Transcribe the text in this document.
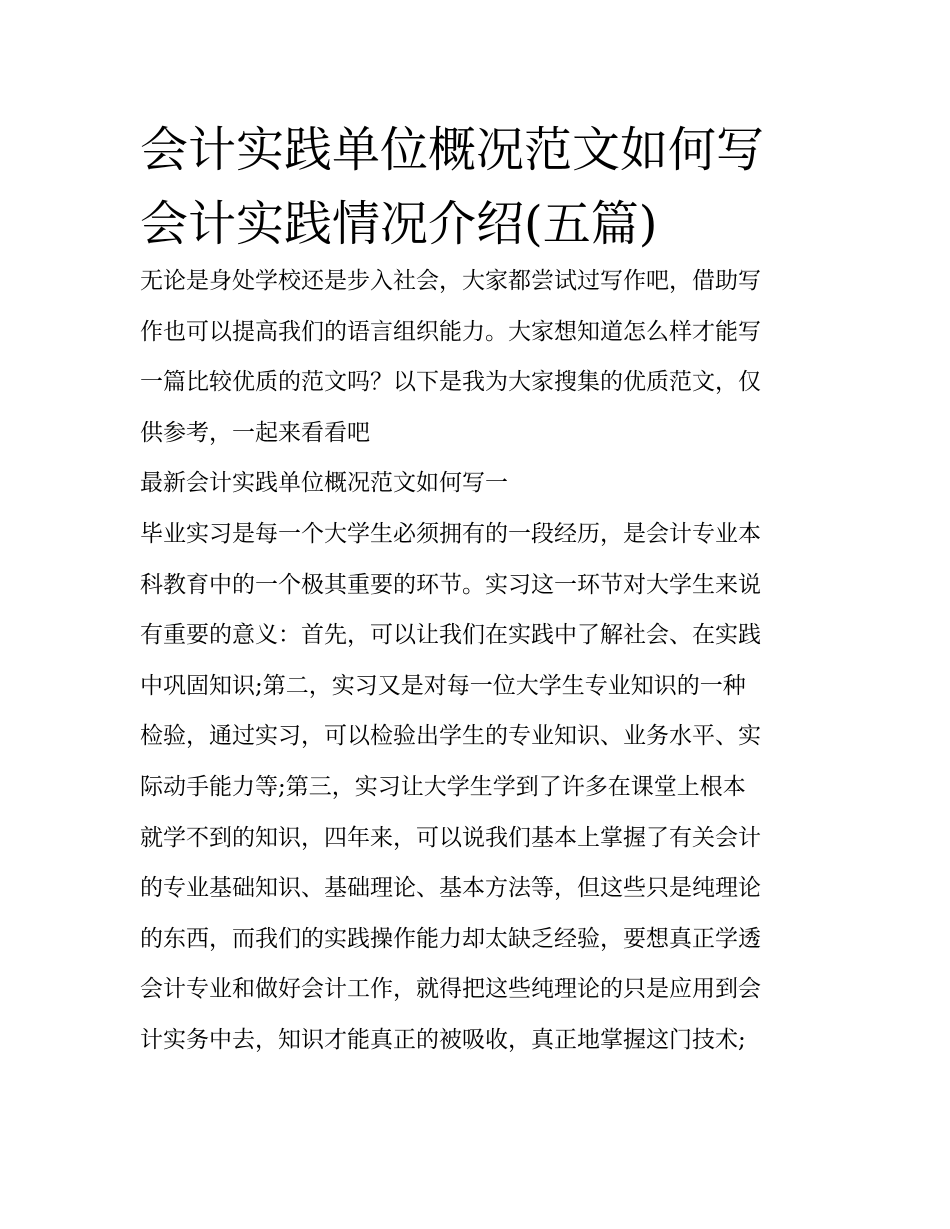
会计实践单位概况范文如何写
会计实践情况介绍(五篇)
无论是身处学校还是步入社会，大家都尝试过写作吧，借助写
作也可以提高我们的语言组织能力。大家想知道怎么样才能写
一篇比较优质的范文吗？以下是我为大家搜集的优质范文，仅
供参考，一起来看看吧
最新会计实践单位概况范文如何写一
毕业实习是每一个大学生必须拥有的一段经历，是会计专业本
科教育中的一个极其重要的环节。实习这一环节对大学生来说
有重要的意义：首先，可以让我们在实践中了解社会、在实践
中巩固知识;第二，实习又是对每一位大学生专业知识的一种
检验，通过实习，可以检验出学生的专业知识、业务水平、实
际动手能力等;第三，实习让大学生学到了许多在课堂上根本
就学不到的知识，四年来，可以说我们基本上掌握了有关会计
的专业基础知识、基础理论、基本方法等，但这些只是纯理论
的东西，而我们的实践操作能力却太缺乏经验，要想真正学透
会计专业和做好会计工作，就得把这些纯理论的只是应用到会
计实务中去，知识才能真正的被吸收，真正地掌握这门技术;
